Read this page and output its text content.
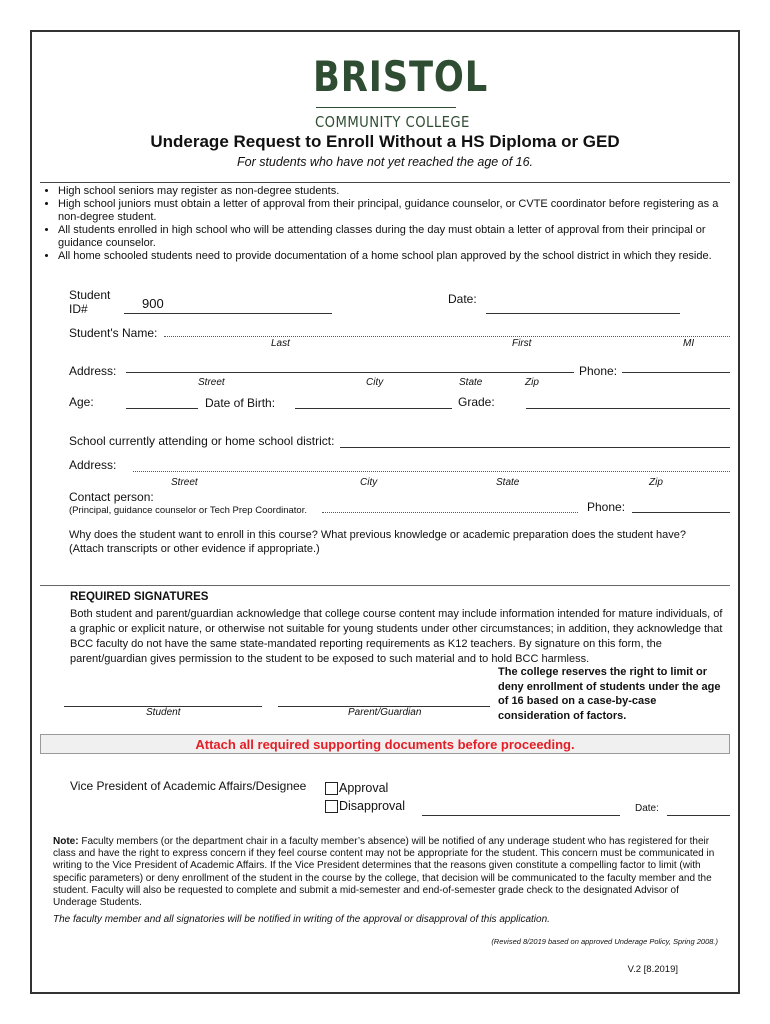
BRISTOL
COMMUNITY COLLEGE
Underage Request to Enroll Without a HS Diploma or GED
For students who have not yet reached the age of 16.
• High school seniors may register as non-degree students.
• High school juniors must obtain a letter of approval from their principal, guidance counselor, or CVTE coordinator before registering as a non-degree student.
• All students enrolled in high school who will be attending classes during the day must obtain a letter of approval from their principal or guidance counselor.
• All home schooled students need to provide documentation of a home school plan approved by the school district in which they reside.
Student
ID#	900	Date:
Student's Name:
Last	First	MI
Address:	Phone:
Street	City	State	Zip
Age:	Date of Birth:	Grade:
School currently attending or home school district:
Address:
Street	City	State	Zip
Contact person:
(Principal, guidance counselor or Tech Prep Coordinator.	Phone:
Why does the student want to enroll in this course? What previous knowledge or academic preparation does the student have?
(Attach transcripts or other evidence if appropriate.)
REQUIRED SIGNATURES
Both student and parent/guardian acknowledge that college course content may include information intended for mature individuals, of a graphic or explicit nature, or otherwise not suitable for young students under other circumstances; in addition, they acknowledge that BCC faculty do not have the same state-mandated reporting requirements as K12 teachers. By signature on this form, the parent/guardian gives permission to the student to be exposed to such material and to hold BCC harmless.
The college reserves the right to limit or deny enrollment of students under the age of 16 based on a case-by-case consideration of factors.
Student	Parent/Guardian
Attach all required supporting documents before proceeding.
Vice President of Academic Affairs/Designee	Approval
Disapproval	Date:
Note: Faculty members (or the department chair in a faculty member’s absence) will be notified of any underage student who has registered for their class and have the right to express concern if they feel course content may not be appropriate for the student. This concern must be communicated in writing to the Vice President of Academic Affairs. If the Vice President determines that the reasons given constitute a compelling factor to limit (with specific parameters) or deny enrollment of the student in the course by the college, that decision will be communicated to the faculty member and the student. Faculty will also be requested to complete and submit a mid-semester and end-of-semester grade check to the designated Advisor of Underage Students.
The faculty member and all signatories will be notified in writing of the approval or disapproval of this application.
(Revised 8/2019 based on approved Underage Policy, Spring 2008.)
V.2 [8.2019]
